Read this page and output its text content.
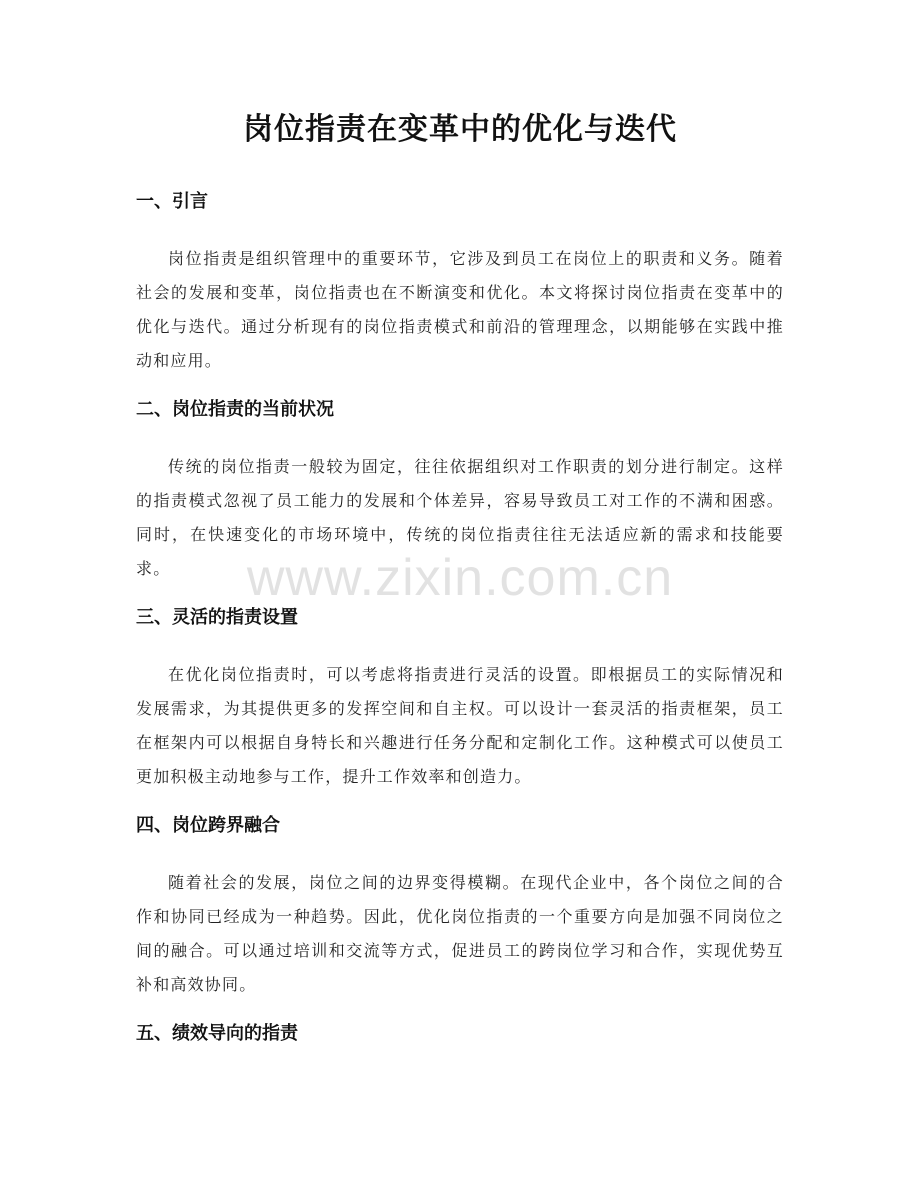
岗位指责在变革中的优化与迭代
一、引言

岗位指责是组织管理中的重要环节，它涉及到员工在岗位上的职责和义务。随着社会的发展和变革，岗位指责也在不断演变和优化。本文将探讨岗位指责在变革中的优化与迭代。通过分析现有的岗位指责模式和前沿的管理理念，以期能够在实践中推动和应用。

二、岗位指责的当前状况

传统的岗位指责一般较为固定，往往依据组织对工作职责的划分进行制定。这样的指责模式忽视了员工能力的发展和个体差异，容易导致员工对工作的不满和困惑。同时，在快速变化的市场环境中，传统的岗位指责往往无法适应新的需求和技能要求。

三、灵活的指责设置

在优化岗位指责时，可以考虑将指责进行灵活的设置。即根据员工的实际情况和发展需求，为其提供更多的发挥空间和自主权。可以设计一套灵活的指责框架，员工在框架内可以根据自身特长和兴趣进行任务分配和定制化工作。这种模式可以使员工更加积极主动地参与工作，提升工作效率和创造力。

四、岗位跨界融合

随着社会的发展，岗位之间的边界变得模糊。在现代企业中，各个岗位之间的合作和协同已经成为一种趋势。因此，优化岗位指责的一个重要方向是加强不同岗位之间的融合。可以通过培训和交流等方式，促进员工的跨岗位学习和合作，实现优势互补和高效协同。

五、绩效导向的指责
www.zixin.com.cn
